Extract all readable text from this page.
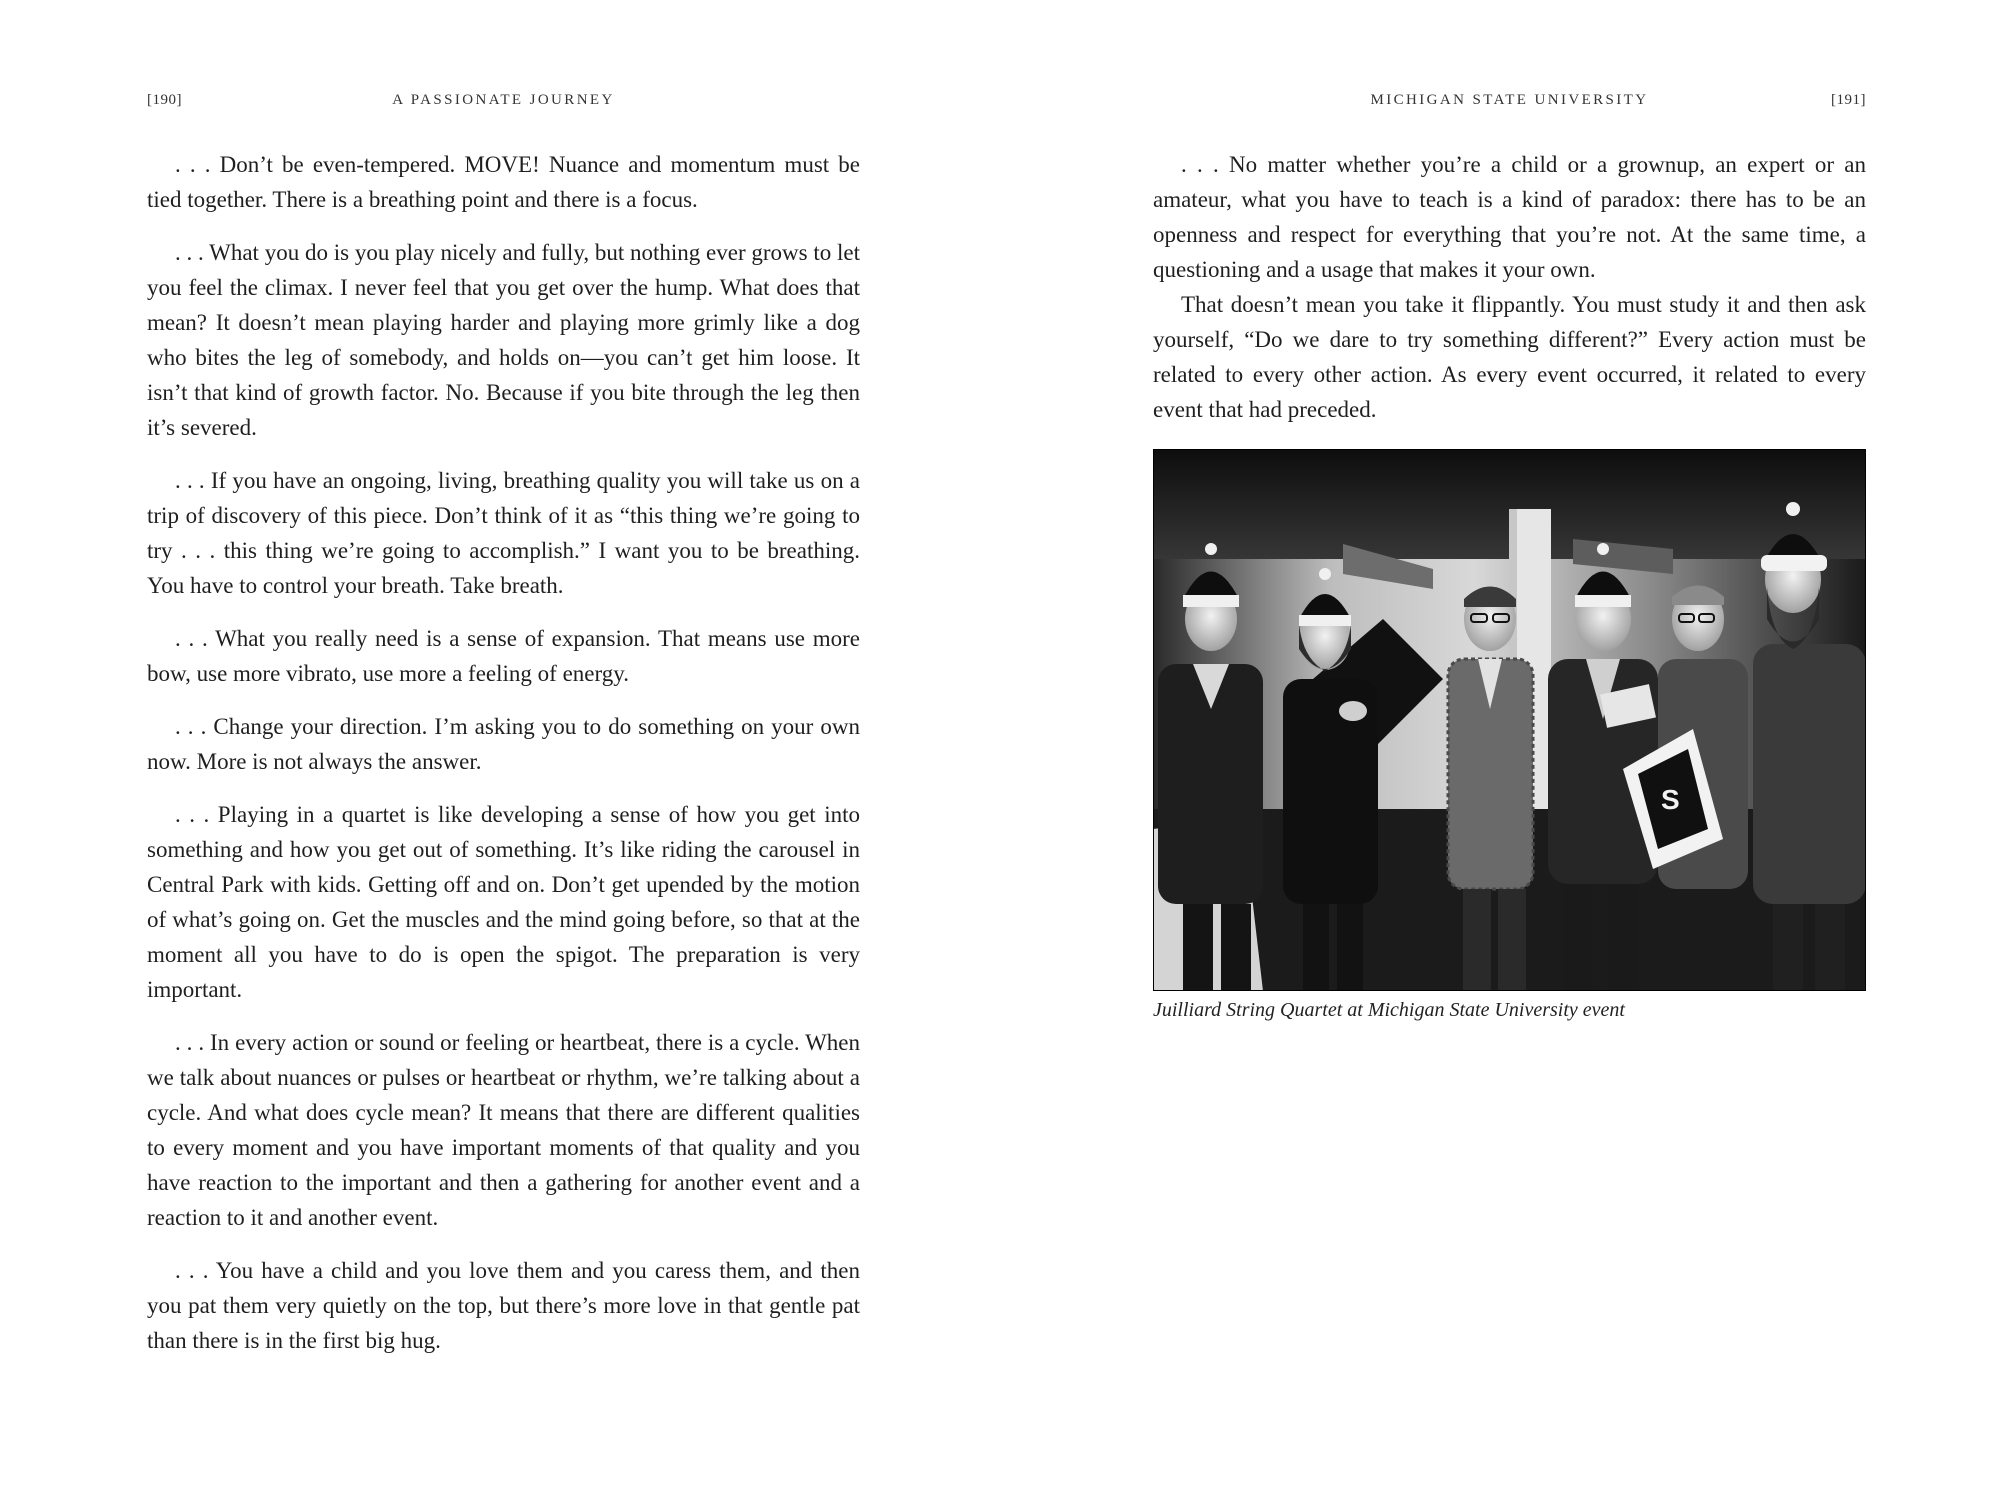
[190]	A PASSIONATE JOURNEY

. . . Don’t be even-tempered. MOVE! Nuance and momentum must be tied together. There is a breathing point and there is a focus.

. . . What you do is you play nicely and fully, but nothing ever grows to let you feel the climax. I never feel that you get over the hump. What does that mean? It doesn’t mean playing harder and playing more grimly like a dog who bites the leg of somebody, and holds on—you can’t get him loose. It isn’t that kind of growth factor. No. Because if you bite through the leg then it’s severed.

. . . If you have an ongoing, living, breathing quality you will take us on a trip of discovery of this piece. Don’t think of it as “this thing we’re going to try . . . this thing we’re going to accomplish.” I want you to be breathing. You have to control your breath. Take breath.

. . . What you really need is a sense of expansion. That means use more bow, use more vibrato, use more a feeling of energy.

. . . Change your direction. I’m asking you to do something on your own now. More is not always the answer.

. . . Playing in a quartet is like developing a sense of how you get into something and how you get out of something. It’s like riding the carousel in Central Park with kids. Getting off and on. Don’t get upended by the motion of what’s going on. Get the muscles and the mind going before, so that at the moment all you have to do is open the spigot. The preparation is very important.

. . . In every action or sound or feeling or heartbeat, there is a cycle. When we talk about nuances or pulses or heartbeat or rhythm, we’re talking about a cycle. And what does cycle mean? It means that there are different qualities to every moment and you have important moments of that quality and you have reaction to the important and then a gathering for another event and a reaction to it and another event.

. . . You have a child and you love them and you caress them, and then you pat them very quietly on the top, but there’s more love in that gentle pat than there is in the first big hug.

MICHIGAN STATE UNIVERSITY	[191]

. . . No matter whether you’re a child or a grownup, an expert or an amateur, what you have to teach is a kind of paradox: there has to be an openness and respect for everything that you’re not. At the same time, a questioning and a usage that makes it your own.

That doesn’t mean you take it flippantly. You must study it and then ask yourself, “Do we dare to try something different?” Every action must be related to every other action. As every event occurred, it related to every event that had preceded.

S
Juilliard String Quartet at Michigan State University event
